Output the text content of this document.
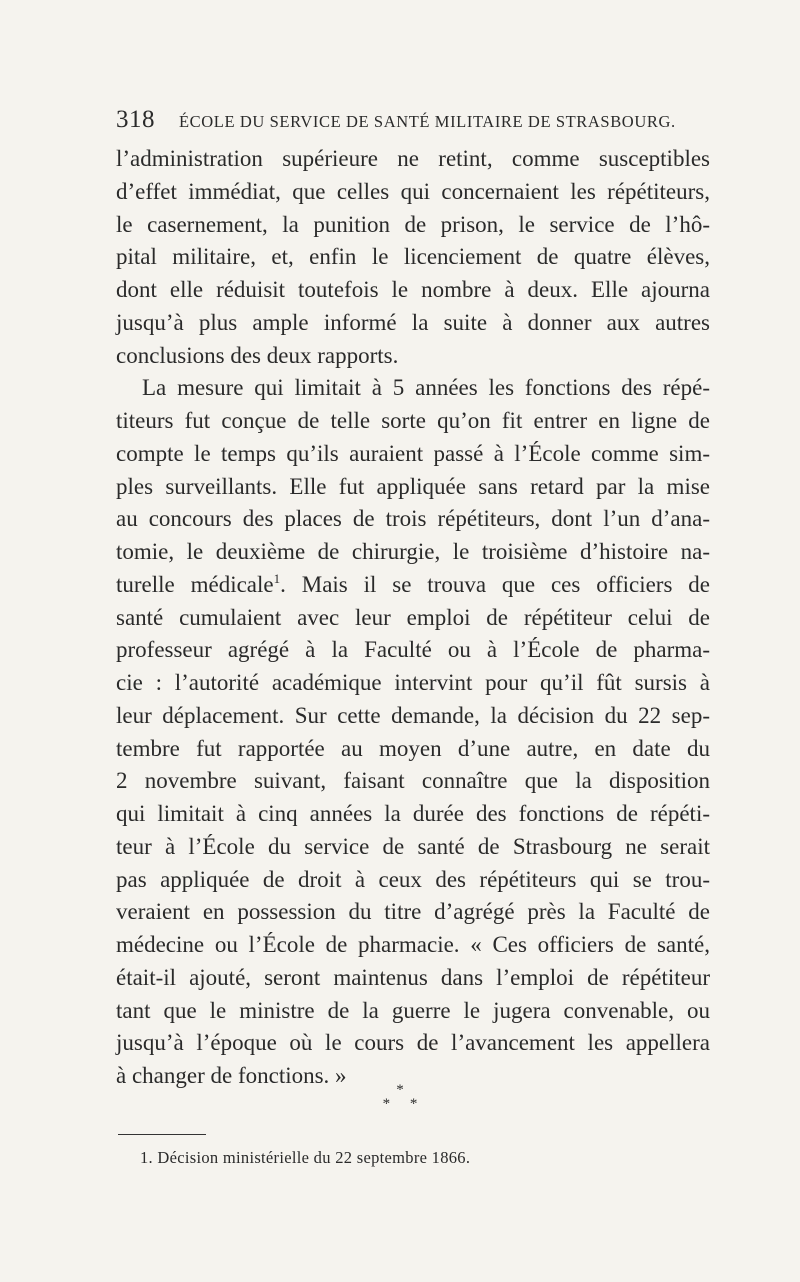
318 ÉCOLE DU SERVICE DE SANTÉ MILITAIRE DE STRASBOURG.
l’administration supérieure ne retint, comme susceptibles
d’effet immédiat, que celles qui concernaient les répétiteurs,
le casernement, la punition de prison, le service de l’hô-
pital militaire, et, enfin le licenciement de quatre élèves,
dont elle réduisit toutefois le nombre à deux. Elle ajourna
jusqu’à plus ample informé la suite à donner aux autres
conclusions des deux rapports.
La mesure qui limitait à 5 années les fonctions des répé-
titeurs fut conçue de telle sorte qu’on fit entrer en ligne de
compte le temps qu’ils auraient passé à l’École comme sim-
ples surveillants. Elle fut appliquée sans retard par la mise
au concours des places de trois répétiteurs, dont l’un d’ana-
tomie, le deuxième de chirurgie, le troisième d’histoire na-
turelle médicale$^1$. Mais il se trouva que ces officiers de
santé cumulaient avec leur emploi de répétiteur celui de
professeur agrégé à la Faculté ou à l’École de pharma-
cie : l’autorité académique intervint pour qu’il fût sursis à
leur déplacement. Sur cette demande, la décision du 22 sep-
tembre fut rapportée au moyen d’une autre, en date du
2 novembre suivant, faisant connaître que la disposition
qui limitait à cinq années la durée des fonctions de répéti-
teur à l’École du service de santé de Strasbourg ne serait
pas appliquée de droit à ceux des répétiteurs qui se trou-
veraient en possession du titre d’agrégé près la Faculté de
médecine ou l’École de pharmacie. « Ces officiers de santé,
était-il ajouté, seront maintenus dans l’emploi de répétiteur
tant que le ministre de la guerre le jugera convenable, ou
jusqu’à l’époque où le cours de l’avancement les appellera
à changer de fonctions. »
*
* *
1. Décision ministérielle du 22 septembre 1866.
